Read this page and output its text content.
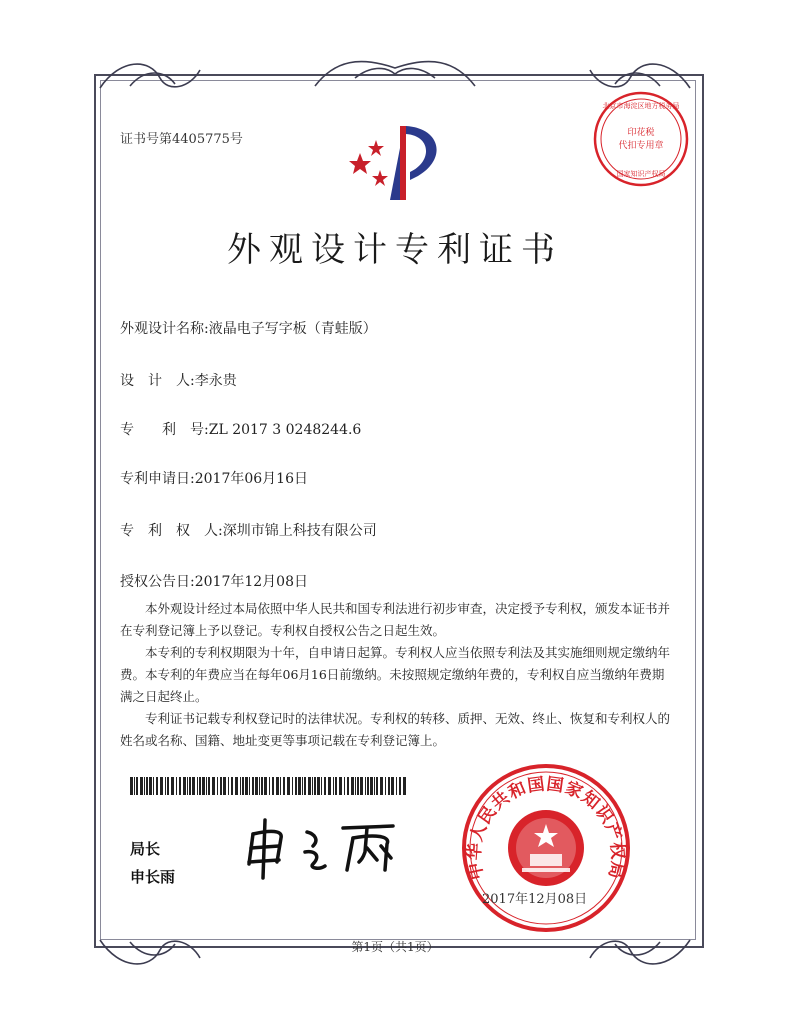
证书号第4405775号	印花税
代扣专用章
北京市海淀区地方税务局
国家知识产权局
外观设计专利证书
外观设计名称:液晶电子写字板（青蛙版）
设　计　人:李永贵
专　　利　号:ZL 2017 3 0248244.6
专利申请日:2017年06月16日
专　利　权　人:深圳市锦上科技有限公司
授权公告日:2017年12月08日

本外观设计经过本局依照中华人民共和国专利法进行初步审查，决定授予专利权，颁发本证书并在专利登记簿上予以登记。专利权自授权公告之日起生效。

本专利的专利权期限为十年，自申请日起算。专利权人应当依照专利法及其实施细则规定缴纳年费。本专利的年费应当在每年06月16日前缴纳。未按照规定缴纳年费的，专利权自应当缴纳年费期满之日起终止。

专利证书记载专利权登记时的法律状况。专利权的转移、质押、无效、终止、恢复和专利权人的姓名或名称、国籍、地址变更等事项记载在专利登记簿上。

局长
申长雨	中华人民共和国国家知识产权局
2017年12月08日
第1页（共1页）
